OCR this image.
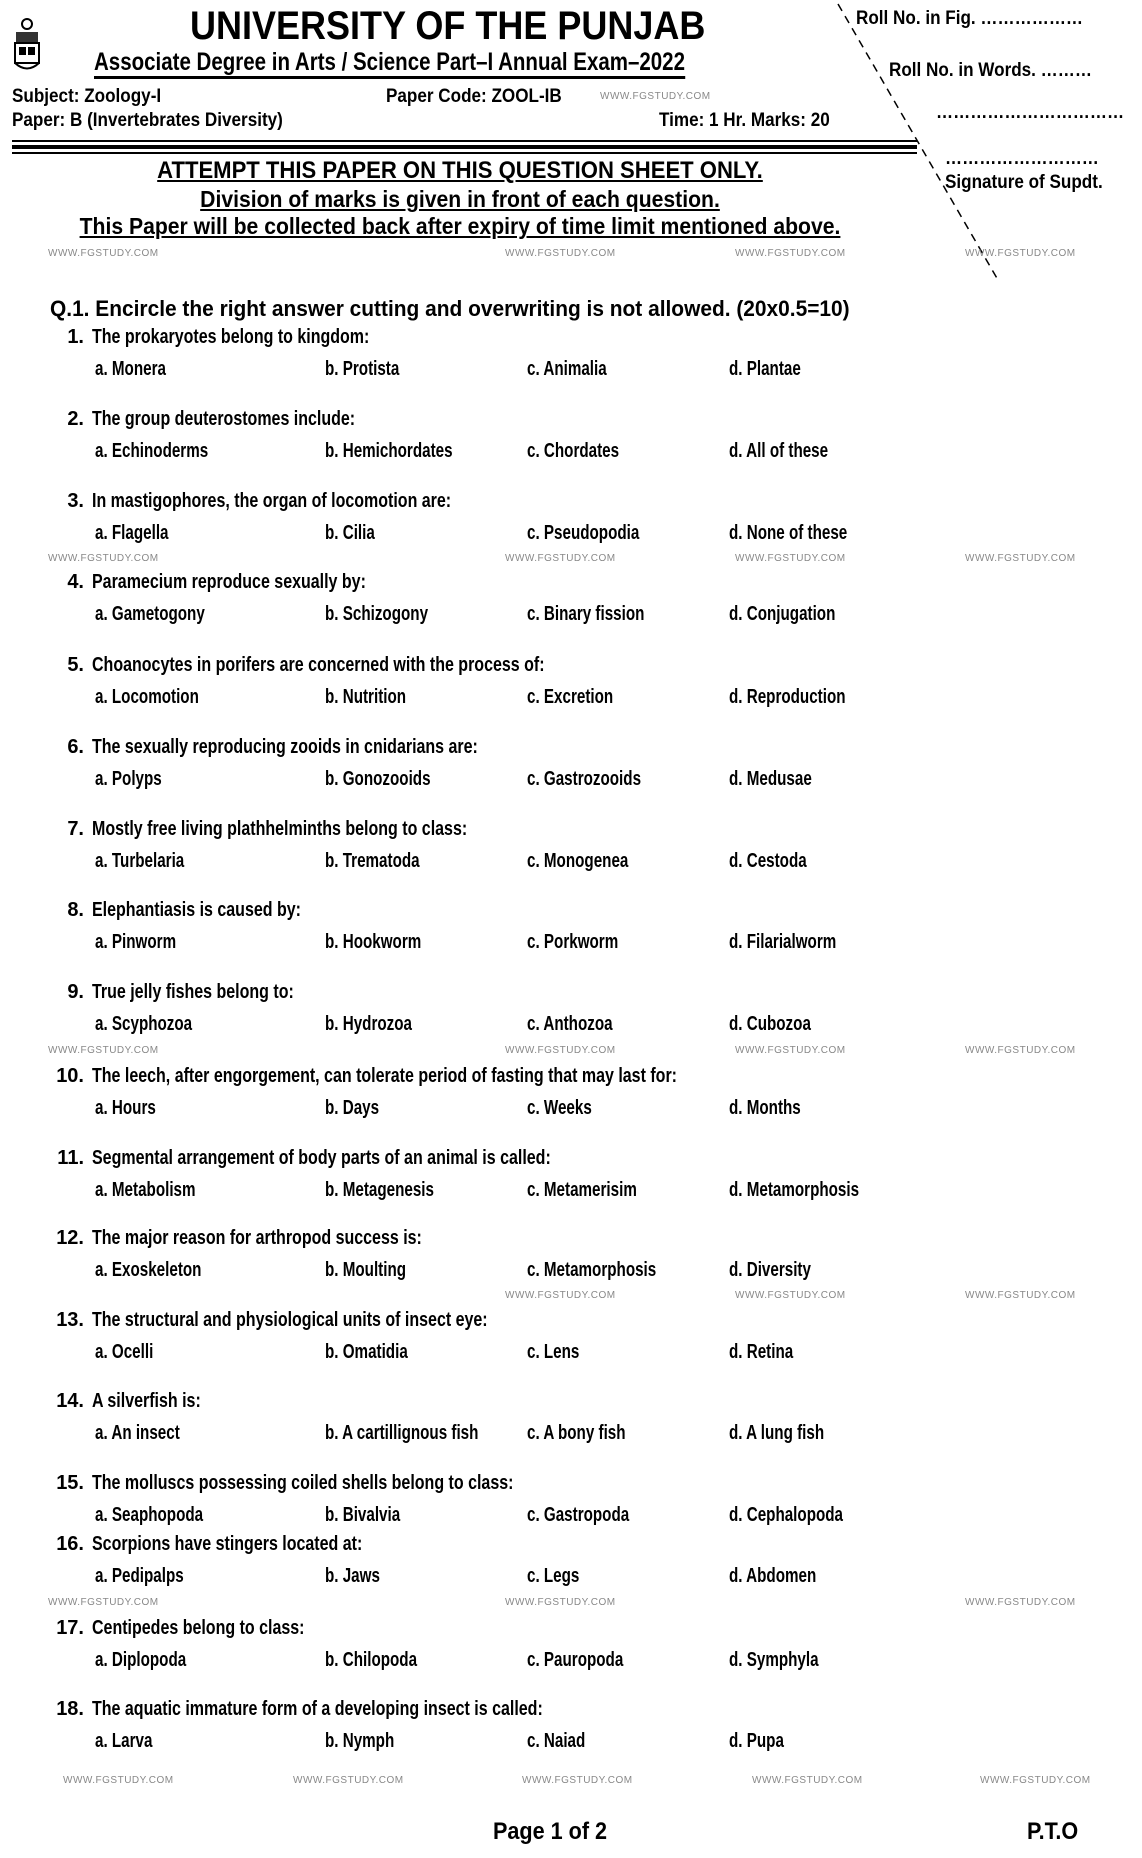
UNIVERSITY OF THE PUNJAB
Associate Degree in Arts / Science Part–I Annual Exam–2022
WWW.FGSTUDY.COM
Subject: Zoology-I	Paper Code: ZOOL-IB
Paper: B (Invertebrates Diversity)	Time: 1 Hr. Marks: 20
ATTEMPT THIS PAPER ON THIS QUESTION SHEET ONLY.
Division of marks is given in front of each question.
This Paper will be collected back after expiry of time limit mentioned above.
Roll No. in Fig. ………………
Roll No. in Words. ………
……………………………
………………………
Signature of Supdt.
WWW.FGSTUDY.COM	WWW.FGSTUDY.COM	WWW.FGSTUDY.COM	WWW.FGSTUDY.COM
Q.1. Encircle the right answer cutting and overwriting is not allowed. (20x0.5=10)
1. The prokaryotes belong to kingdom:
a. Monera	b. Protista	c. Animalia	d. Plantae
2. The group deuterostomes include:
a. Echinoderms	b. Hemichordates	c. Chordates	d. All of these
3. In mastigophores, the organ of locomotion are:
a. Flagella	b. Cilia	c. Pseudopodia	d. None of these
4. Paramecium reproduce sexually by:
a. Gametogony	b. Schizogony	c. Binary fission	d. Conjugation
5. Choanocytes in porifers are concerned with the process of:
a. Locomotion	b. Nutrition	c. Excretion	d. Reproduction
6. The sexually reproducing zooids in cnidarians are:
a. Polyps	b. Gonozooids	c. Gastrozooids	d. Medusae
7. Mostly free living plathhelminths belong to class:
a. Turbelaria	b. Trematoda	c. Monogenea	d. Cestoda
8. Elephantiasis is caused by:
a. Pinworm	b. Hookworm	c. Porkworm	d. Filarialworm
9. True jelly fishes belong to:
a. Scyphozoa	b. Hydrozoa	c. Anthozoa	d. Cubozoa
10. The leech, after engorgement, can tolerate period of fasting that may last for:
a. Hours	b. Days	c. Weeks	d. Months
11. Segmental arrangement of body parts of an animal is called:
a. Metabolism	b. Metagenesis	c. Metamerisim	d. Metamorphosis
12. The major reason for arthropod success is:
a. Exoskeleton	b. Moulting	c. Metamorphosis	d. Diversity
13. The structural and physiological units of insect eye:
a. Ocelli	b. Omatidia	c. Lens	d. Retina
14. A silverfish is:
a. An insect	b. A cartillignous fish c. A bony fish	d. A lung fish
15. The molluscs possessing coiled shells belong to class:
a. Seaphopoda	b. Bivalvia	c. Gastropoda	d. Cephalopoda
16. Scorpions have stingers located at:
a. Pedipalps	b. Jaws	c. Legs	d. Abdomen
17. Centipedes belong to class:
a. Diplopoda	b. Chilopoda	c. Pauropoda	d. Symphyla
18. The aquatic immature form of a developing insect is called:
a. Larva	b. Nymph	c. Naiad	d. Pupa
WWW.FGSTUDY.COM	WWW.FGSTUDY.COM	WWW.FGSTUDY.COM	WWW.FGSTUDY.COM
WWW.FGSTUDY.COM	WWW.FGSTUDY.COM	WWW.FGSTUDY.COM	WWW.FGSTUDY.COM
WWW.FGSTUDY.COM	WWW.FGSTUDY.COM	WWW.FGSTUDY.COM
WWW.FGSTUDY.COM	WWW.FGSTUDY.COM	WWW.FGSTUDY.COM
WWW.FGSTUDY.COM	WWW.FGSTUDY.COM	WWW.FGSTUDY.COM	WWW.FGSTUDY.COM	WWW.FGSTUDY.COM
Page 1 of 2	P.T.O
